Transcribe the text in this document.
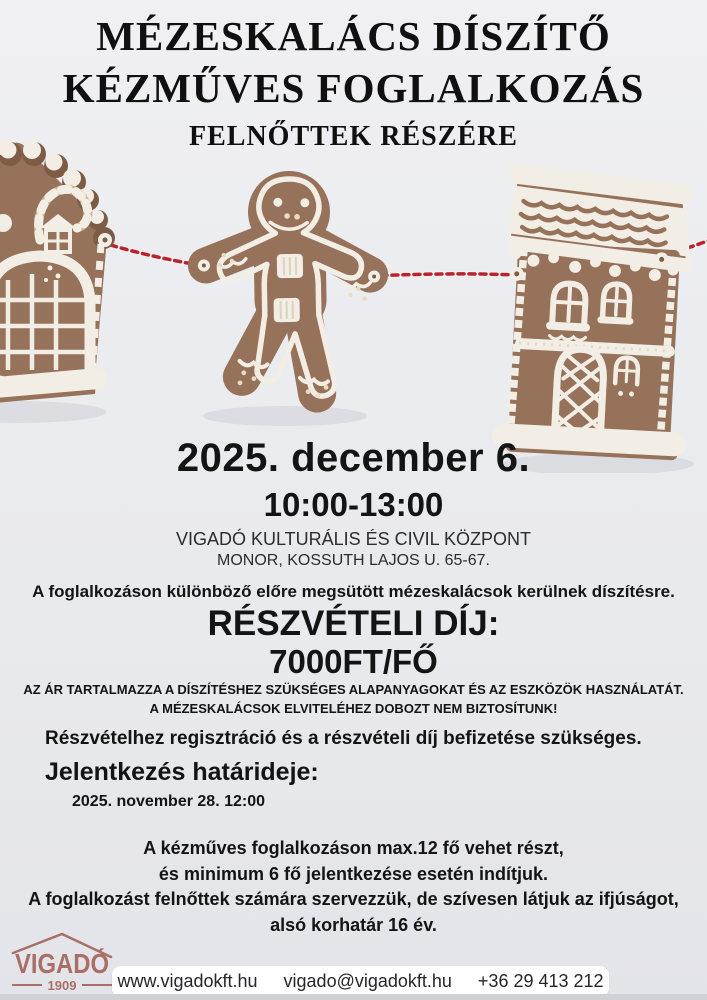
MÉZESKALÁCS DÍSZÍTŐ
KÉZMŰVES FOGLALKOZÁS
FELNŐTTEK RÉSZÉRE
2025. december 6.
10:00-13:00
VIGADÓ KULTURÁLIS ÉS CIVIL KÖZPONT
MONOR, KOSSUTH LAJOS U. 65-67.
A foglalkozáson különböző előre megsütött mézeskalácsok kerülnek díszítésre.
RÉSZVÉTELI DÍJ:
7000FT/FŐ
AZ ÁR TARTALMAZZA A DÍSZÍTÉSHEZ SZÜKSÉGES ALAPANYAGOKAT ÉS AZ ESZKÖZÖK HASZNÁLATÁT.
A MÉZESKALÁCSOK ELVITELÉHEZ DOBOZT NEM BIZTOSÍTUNK!
Részvételhez regisztráció és a részvételi díj befizetése szükséges.
Jelentkezés határideje:
2025. november 28. 12:00
A kézműves foglalkozáson max.12 fő vehet részt,
és minimum 6 fő jelentkezése esetén indítjuk.
A foglalkozást felnőttek számára szervezzük, de szívesen látjuk az ifjúságot,
alsó korhatár 16 év.
VIGADÓ
1909 www.vigadokft.hu vigado@vigadokft.hu +36 29 413 212
